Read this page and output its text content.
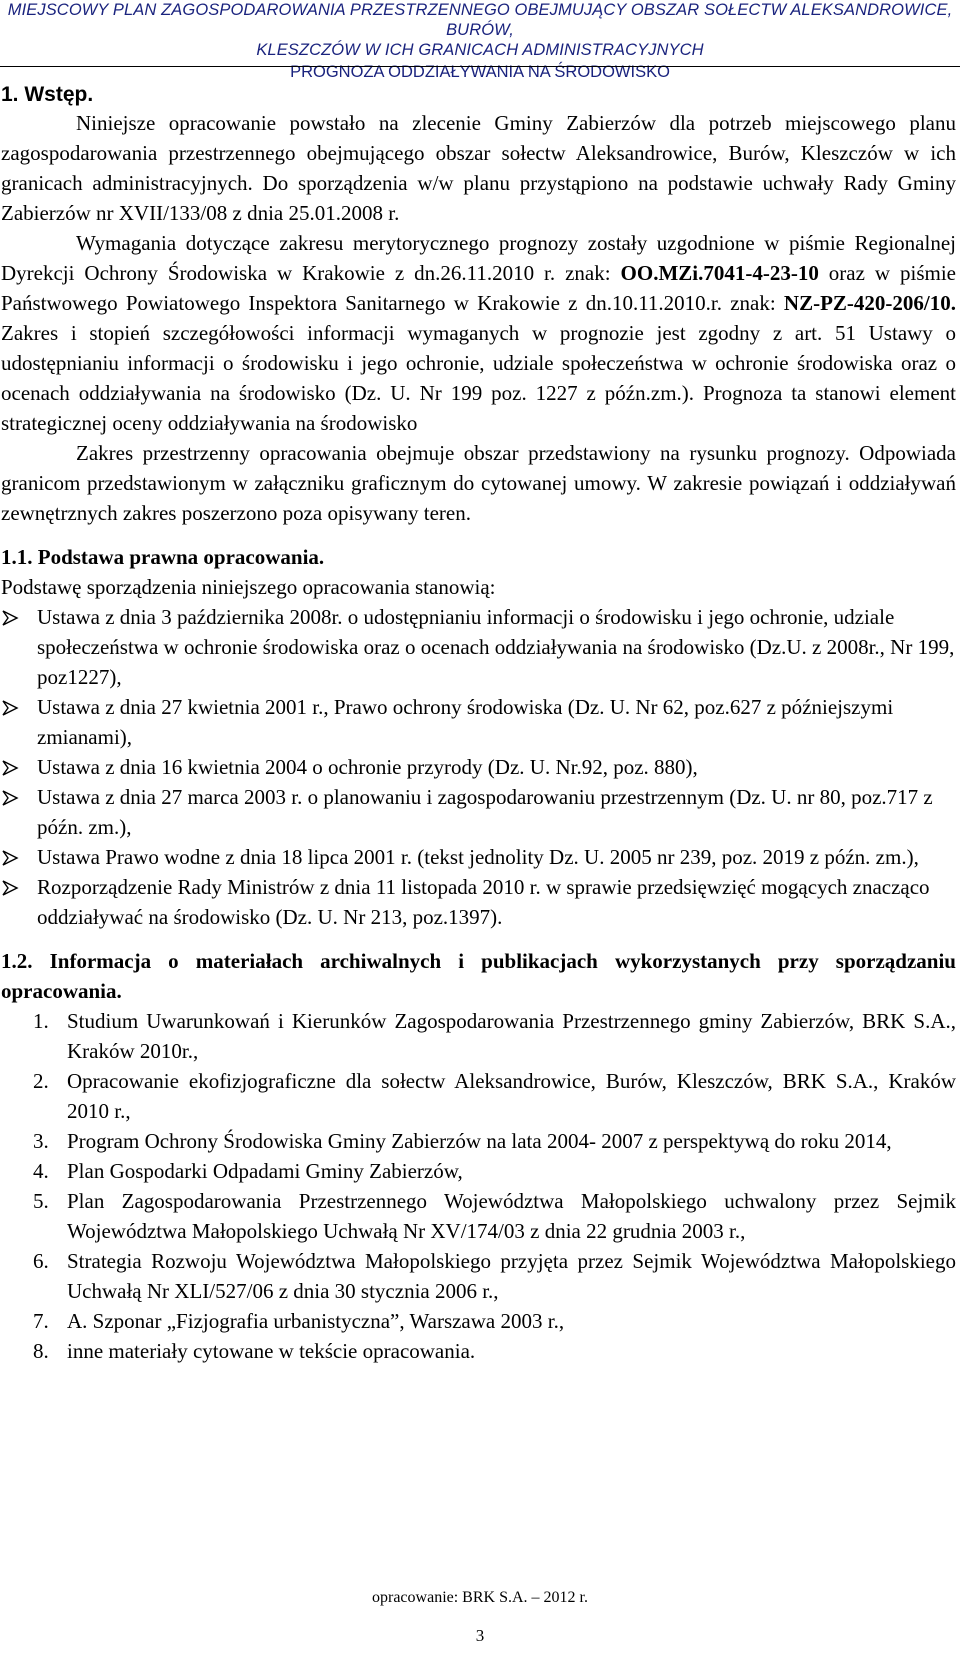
MIEJSCOWY PLAN ZAGOSPODAROWANIA PRZESTRZENNEGO OBEJMUJĄCY OBSZAR SOŁECTW ALEKSANDROWICE, BURÓW,
KLESZCZÓW W ICH GRANICACH ADMINISTRACYJNYCH
PROGNOZA ODDZIAŁYWANIA NA ŚRODOWISKO
1. Wstęp.

Niniejsze opracowanie powstało na zlecenie Gminy Zabierzów dla potrzeb miejscowego planu zagospodarowania przestrzennego obejmującego obszar sołectw Aleksandrowice, Burów, Kleszczów w ich granicach administracyjnych. Do sporządzenia w/w planu przystąpiono na podstawie uchwały Rady Gminy Zabierzów nr XVII/133/08 z dnia 25.01.2008 r.

Wymagania dotyczące zakresu merytorycznego prognozy zostały uzgodnione w piśmie Regionalnej Dyrekcji Ochrony Środowiska w Krakowie z dn.26.11.2010 r. znak: OO.MZi.7041-4-23-10 oraz w piśmie Państwowego Powiatowego Inspektora Sanitarnego w Krakowie z dn.10.11.2010.r. znak: NZ-PZ-420-206/10. Zakres i stopień szczegółowości informacji wymaganych w prognozie jest zgodny z art. 51 Ustawy o udostępnianiu informacji o środowisku i jego ochronie, udziale społeczeństwa w ochronie środowiska oraz o ocenach oddziaływania na środowisko (Dz. U. Nr 199 poz. 1227 z późn.zm.). Prognoza ta stanowi element strategicznej oceny oddziaływania na środowisko

Zakres przestrzenny opracowania obejmuje obszar przedstawiony na rysunku prognozy. Odpowiada granicom przedstawionym w załączniku graficznym do cytowanej umowy. W zakresie powiązań i oddziaływań zewnętrznych zakres poszerzono poza opisywany teren.

1.1. Podstawa prawna opracowania.

Podstawę sporządzenia niniejszego opracowania stanowią:

Ustawa z dnia 3 października 2008r. o udostępnianiu informacji o środowisku i jego ochronie, udziale społeczeństwa w ochronie środowiska oraz o ocenach oddziaływania na środowisko (Dz.U. z 2008r., Nr 199, poz1227),
Ustawa z dnia 27 kwietnia 2001 r., Prawo ochrony środowiska (Dz. U. Nr 62, poz.627 z późniejszymi zmianami),
Ustawa z dnia 16 kwietnia 2004 o ochronie przyrody (Dz. U. Nr.92, poz. 880),
Ustawa z dnia 27 marca 2003 r. o planowaniu i zagospodarowaniu przestrzennym (Dz. U. nr 80, poz.717 z późn. zm.),
Ustawa Prawo wodne z dnia 18 lipca 2001 r. (tekst jednolity Dz. U. 2005 nr 239, poz. 2019 z późn. zm.),
Rozporządzenie Rady Ministrów z dnia 11 listopada 2010 r. w sprawie przedsięwzięć mogących znacząco oddziaływać na środowisko (Dz. U. Nr 213, poz.1397).

1.2. Informacja o materiałach archiwalnych i publikacjach wykorzystanych przy sporządzaniu opracowania.

1. Studium Uwarunkowań i Kierunków Zagospodarowania Przestrzennego gminy Zabierzów, BRK S.A., Kraków 2010r.,
2. Opracowanie ekofizjograficzne dla sołectw Aleksandrowice, Burów, Kleszczów, BRK S.A., Kraków 2010 r.,
3. Program Ochrony Środowiska Gminy Zabierzów na lata 2004- 2007 z perspektywą do roku 2014,
4. Plan Gospodarki Odpadami Gminy Zabierzów,
5. Plan Zagospodarowania Przestrzennego Województwa Małopolskiego uchwalony przez Sejmik Województwa Małopolskiego Uchwałą Nr XV/174/03 z dnia 22 grudnia 2003 r.,
6. Strategia Rozwoju Województwa Małopolskiego przyjęta przez Sejmik Województwa Małopolskiego Uchwałą Nr XLI/527/06 z dnia 30 stycznia 2006 r.,
7. A. Szponar „Fizjografia urbanistyczna”, Warszawa 2003 r.,
8. inne materiały cytowane w tekście opracowania.
opracowanie: BRK S.A. – 2012 r.
3
